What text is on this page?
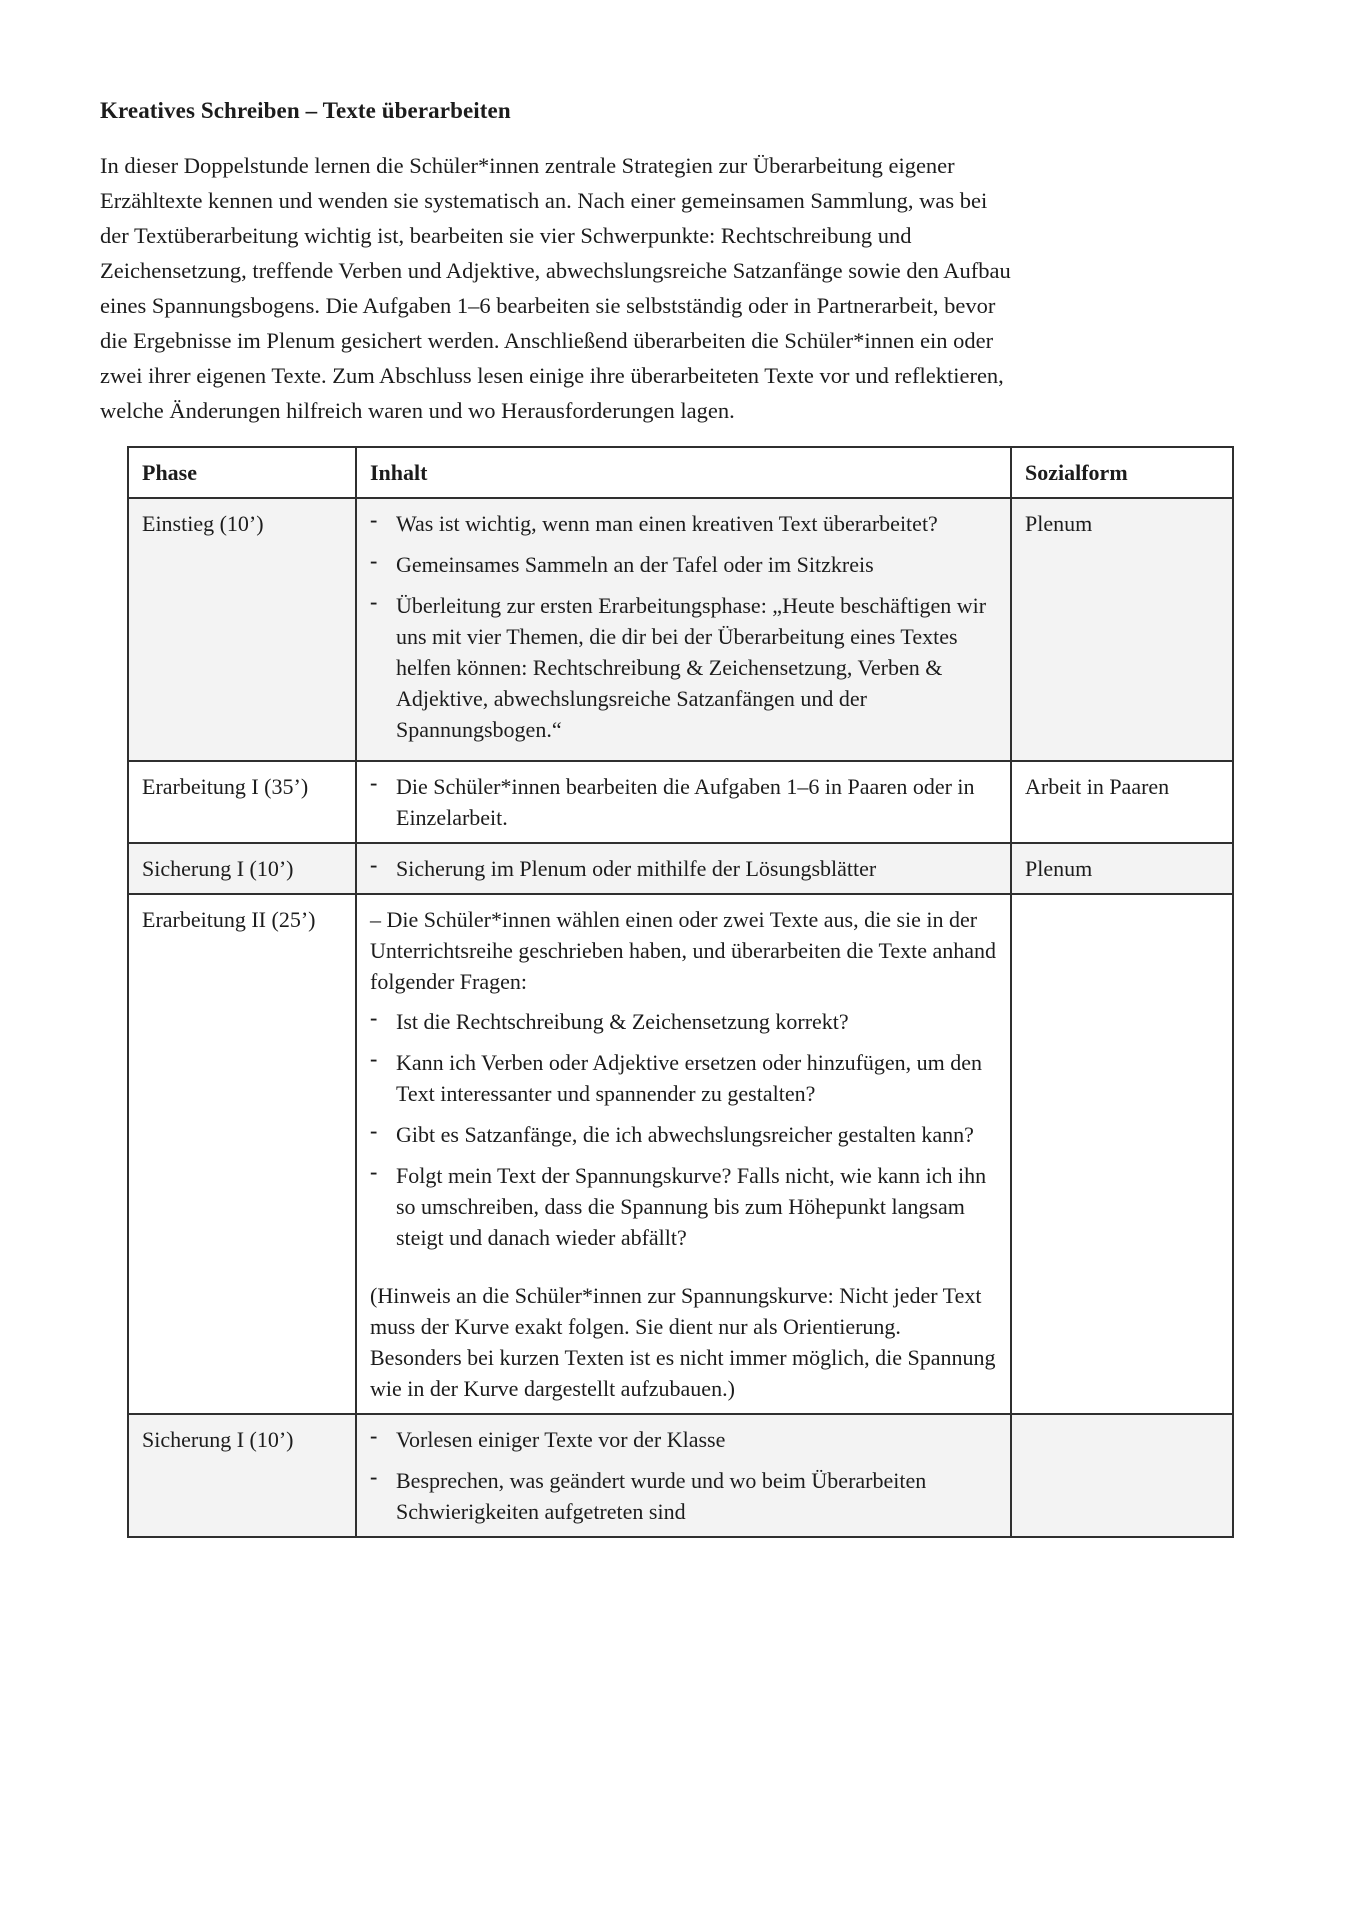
Kreatives Schreiben – Texte überarbeiten

In dieser Doppelstunde lernen die Schüler*innen zentrale Strategien zur Überarbeitung eigener Erzähltexte kennen und wenden sie systematisch an. Nach einer gemeinsamen Sammlung, was bei der Textüberarbeitung wichtig ist, bearbeiten sie vier Schwerpunkte: Rechtschreibung und Zeichensetzung, treffende Verben und Adjektive, abwechslungsreiche Satzanfänge sowie den Aufbau eines Spannungsbogens. Die Aufgaben 1–6 bearbeiten sie selbstständig oder in Partnerarbeit, bevor die Ergebnisse im Plenum gesichert werden. Anschließend überarbeiten die Schüler*innen ein oder zwei ihrer eigenen Texte. Zum Abschluss lesen einige ihre überarbeiteten Texte vor und reflektieren, welche Änderungen hilfreich waren und wo Herausforderungen lagen.

Phase	Inhalt	Sozialform
Einstieg (10’)	- Was ist wichtig, wenn man einen kreativen Text überarbeitet?
- Gemeinsames Sammeln an der Tafel oder im Sitzkreis
- Überleitung zur ersten Erarbeitungsphase: „Heute beschäftigen wir uns mit vier Themen, die dir bei der Überarbeitung eines Textes helfen können: Rechtschreibung & Zeichensetzung, Verben & Adjektive, abwechslungsreiche Satzanfängen und der Spannungsbogen.“
	Plenum
Erarbeitung I (35’)	- Die Schüler*innen bearbeiten die Aufgaben 1–6 in Paaren oder in Einzelarbeit.
	Arbeit in Paaren
Sicherung I (10’)	- Sicherung im Plenum oder mithilfe der Lösungsblätter	Plenum
Erarbeitung II (25’)	– Die Schüler*innen wählen einen oder zwei Texte aus, die sie in der Unterrichtsreihe geschrieben haben, und überarbeiten die Texte anhand folgender Fragen:

- Ist die Rechtschreibung & Zeichensetzung korrekt?
- Kann ich Verben oder Adjektive ersetzen oder hinzufügen, um den Text interessanter und spannender zu gestalten?
- Gibt es Satzanfänge, die ich abwechslungsreicher gestalten kann?
- Folgt mein Text der Spannungskurve? Falls nicht, wie kann ich ihn so umschreiben, dass die Spannung bis zum Höhepunkt langsam steigt und danach wieder abfällt?

(Hinweis an die Schüler*innen zur Spannungskurve: Nicht jeder Text muss der Kurve exakt folgen. Sie dient nur als Orientierung. Besonders bei kurzen Texten ist es nicht immer möglich, die Spannung wie in der Kurve dargestellt aufzubauen.)

Sicherung I (10’)	- Vorlesen einiger Texte vor der Klasse
- Besprechen, was geändert wurde und wo beim Überarbeiten Schwierigkeiten aufgetreten sind
